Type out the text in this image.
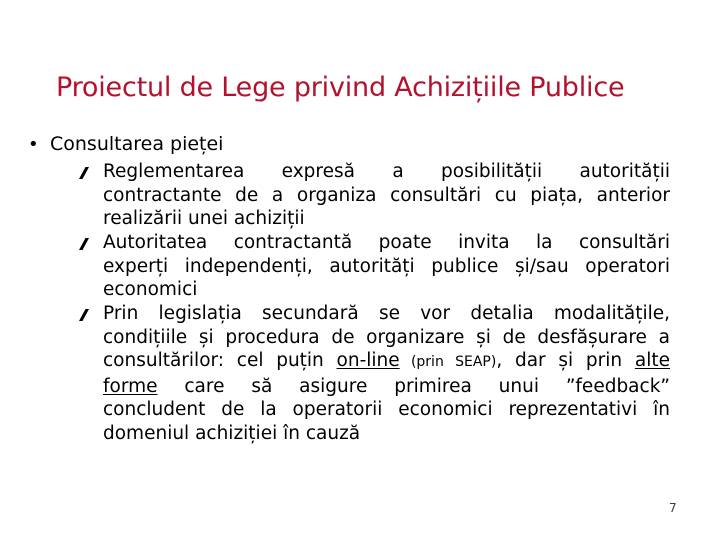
Proiectul de Lege privind Achizițiile Publice
• Consultarea pieței

Reglementarea expresă a posibilității autorității

contractante de a organiza consultări cu piața, anterior

realizării unei achiziții

Autoritatea contractantă poate invita la consultări

experți independenți, autorități publice și/sau operatori

economici

Prin legislația secundară se vor detalia modalitățile,

condițiile și procedura de organizare și de desfășurare a

consultărilor: cel puțin on-line (prin SEAP), dar și prin alte

forme care să asigure primirea unui ”feedback”

concludent de la operatorii economici reprezentativi în

domeniul achiziției în cauză

7
